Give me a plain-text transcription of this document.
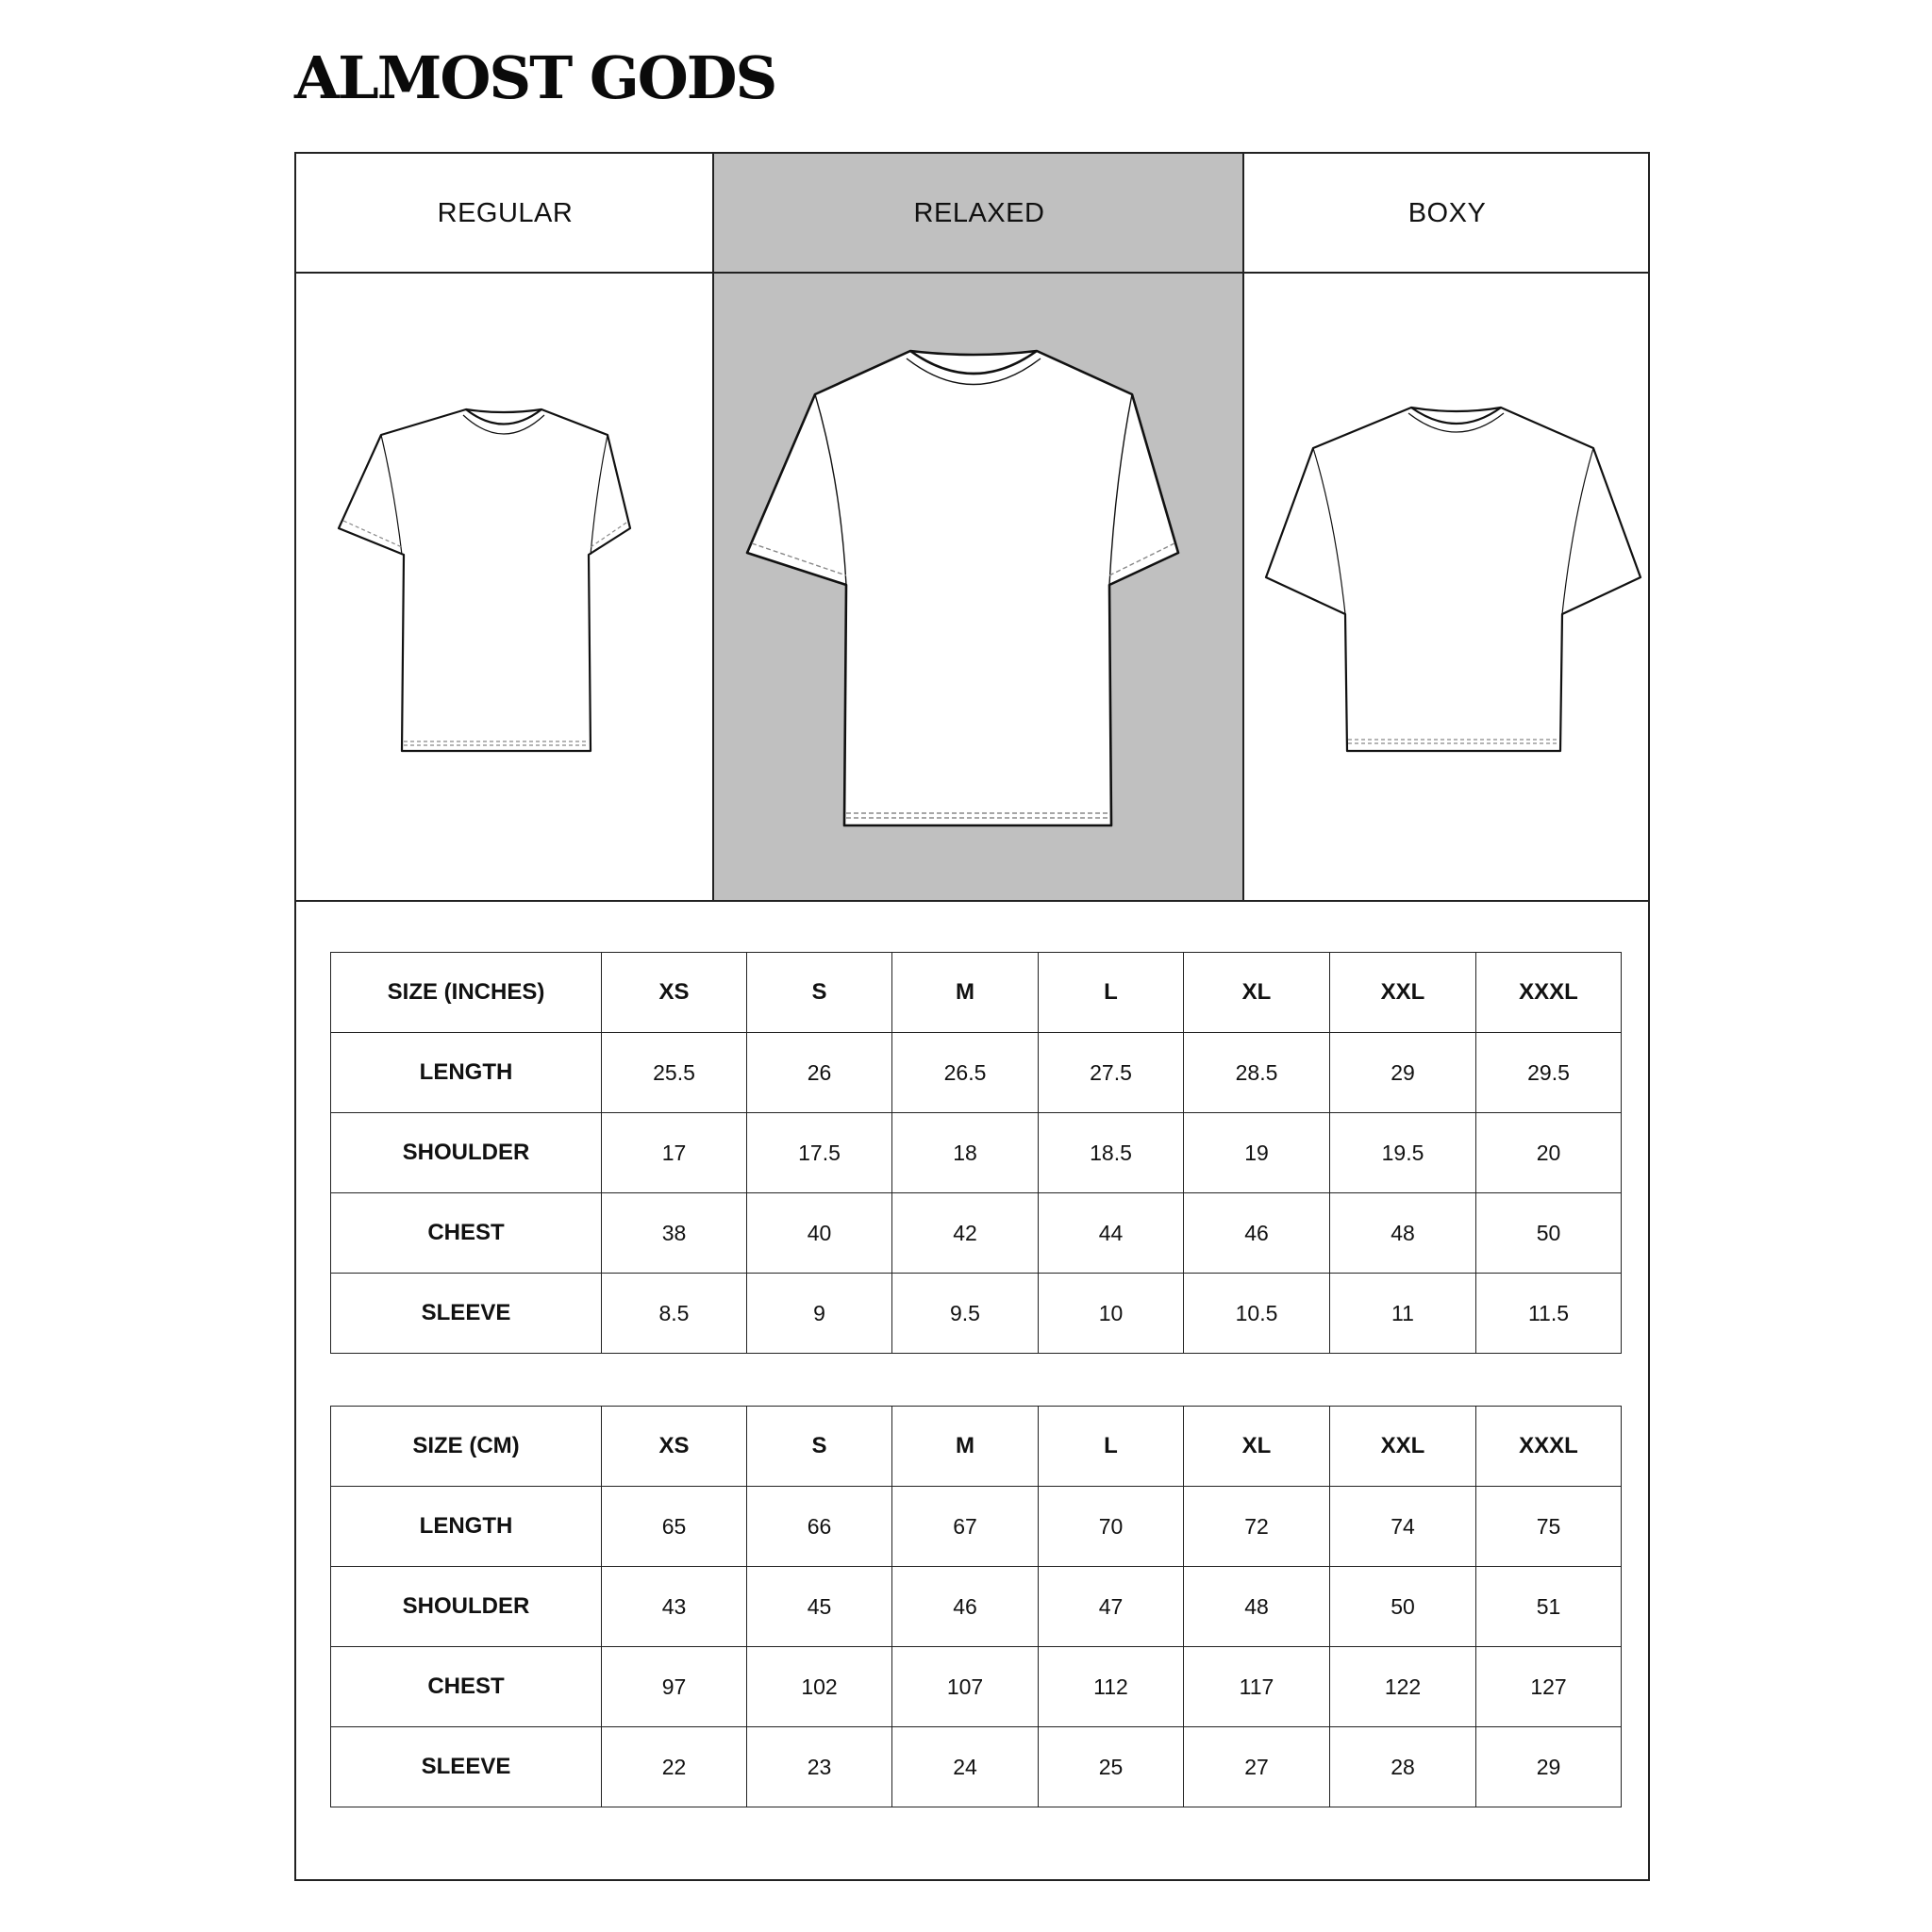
ALMOST GODS
REGULAR	RELAXED	BOXY
SIZE (INCHES)	XS	S	M	L	XL	XXL	XXXL
LENGTH	25.5	26	26.5	27.5	28.5	29	29.5
SHOULDER	17	17.5	18	18.5	19	19.5	20
CHEST	38	40	42	44	46	48	50
SLEEVE	8.5	9	9.5	10	10.5	11	11.5
SIZE (CM)	XS	S	M	L	XL	XXL	XXXL
LENGTH	65	66	67	70	72	74	75
SHOULDER	43	45	46	47	48	50	51
CHEST	97	102	107	112	117	122	127
SLEEVE	22	23	24	25	27	28	29
